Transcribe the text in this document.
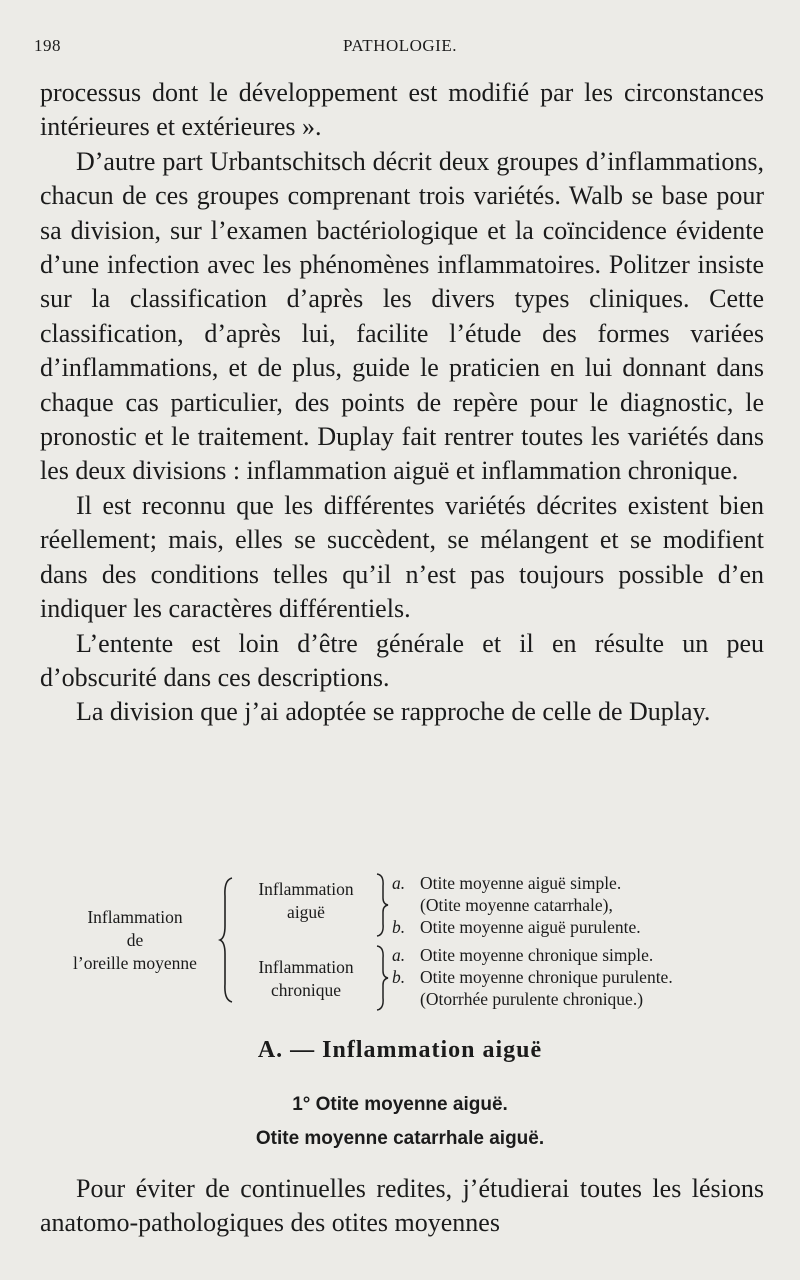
198	PATHOLOGIE.

processus dont le développement est modifié par les circonstances intérieures et extérieures ».

D’autre part Urbantschitsch décrit deux groupes d’inflammations, chacun de ces groupes comprenant trois variétés. Walb se base pour sa division, sur l’examen bactériologique et la coïncidence évidente d’une infection avec les phénomènes inflammatoires. Politzer insiste sur la classification d’après les divers types cliniques. Cette classification, d’après lui, facilite l’étude des formes variées d’inflammations, et de plus, guide le praticien en lui donnant dans chaque cas particulier, des points de repère pour le diagnostic, le pronostic et le traitement. Duplay fait rentrer toutes les variétés dans les deux divisions : inflammation aiguë et inflammation chronique.

Il est reconnu que les différentes variétés décrites existent bien réellement; mais, elles se succèdent, se mélangent et se modifient dans des conditions telles qu’il n’est pas toujours possible d’en indiquer les caractères différentiels.

L’entente est loin d’être générale et il en résulte un peu d’obscurité dans ces descriptions.

La division que j’ai adoptée se rapproche de celle de Duplay.

Inflammation
de
l’oreille moyenne
Inflammation
aiguë
a. Otite moyenne aiguë simple.
(Otite moyenne catarrhale),
b. Otite moyenne aiguë purulente.
Inflammation
chronique
a. Otite moyenne chronique simple.
b. Otite moyenne chronique purulente.
(Otorrhée purulente chronique.)
A. — Inflammation aiguë
1° Otite moyenne aiguë.
Otite moyenne catarrhale aiguë.

Pour éviter de continuelles redites, j’étudierai toutes les lésions anatomo-pathologiques des otites moyennes
